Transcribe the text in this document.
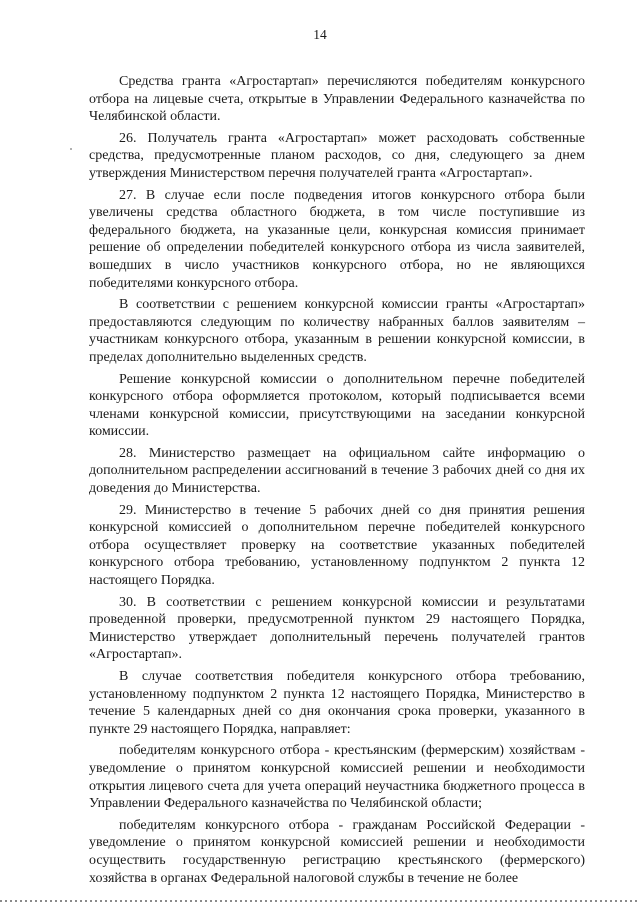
14

Средства гранта «Агростартап» перечисляются победителям конкурсного отбора на лицевые счета, открытые в Управлении Федерального казначейства по Челябинской области.

26. Получатель гранта «Агростартап» может расходовать собственные средства, предусмотренные планом расходов, со дня, следующего за днем утверждения Министерством перечня получателей гранта «Агростартап».

27. В случае если после подведения итогов конкурсного отбора были увеличены средства областного бюджета, в том числе поступившие из федерального бюджета, на указанные цели, конкурсная комиссия принимает решение об определении победителей конкурсного отбора из числа заявителей, вошедших в число участников конкурсного отбора, но не являющихся победителями конкурсного отбора.

В соответствии с решением конкурсной комиссии гранты «Агростартап» предоставляются следующим по количеству набранных баллов заявителям – участникам конкурсного отбора, указанным в решении конкурсной комиссии, в пределах дополнительно выделенных средств.

Решение конкурсной комиссии о дополнительном перечне победителей конкурсного отбора оформляется протоколом, который подписывается всеми членами конкурсной комиссии, присутствующими на заседании конкурсной комиссии.

28. Министерство размещает на официальном сайте информацию о дополнительном распределении ассигнований в течение 3 рабочих дней со дня их доведения до Министерства.

29. Министерство в течение 5 рабочих дней со дня принятия решения конкурсной комиссией о дополнительном перечне победителей конкурсного отбора осуществляет проверку на соответствие указанных победителей конкурсного отбора требованию, установленному подпунктом 2 пункта 12 настоящего Порядка.

30. В соответствии с решением конкурсной комиссии и результатами проведенной проверки, предусмотренной пунктом 29 настоящего Порядка, Министерство утверждает дополнительный перечень получателей грантов «Агростартап».

В случае соответствия победителя конкурсного отбора требованию, установленному подпунктом 2 пункта 12 настоящего Порядка, Министерство в течение 5 календарных дней со дня окончания срока проверки, указанного в пункте 29 настоящего Порядка, направляет:

победителям конкурсного отбора - крестьянским (фермерским) хозяйствам - уведомление о принятом конкурсной комиссией решении и необходимости открытия лицевого счета для учета операций неучастника бюджетного процесса в Управлении Федерального казначейства по Челябинской области;

победителям конкурсного отбора - гражданам Российской Федерации - уведомление о принятом конкурсной комиссией решении и необходимости осуществить государственную регистрацию крестьянского (фермерского) хозяйства в органах Федеральной налоговой службы в течение не более
